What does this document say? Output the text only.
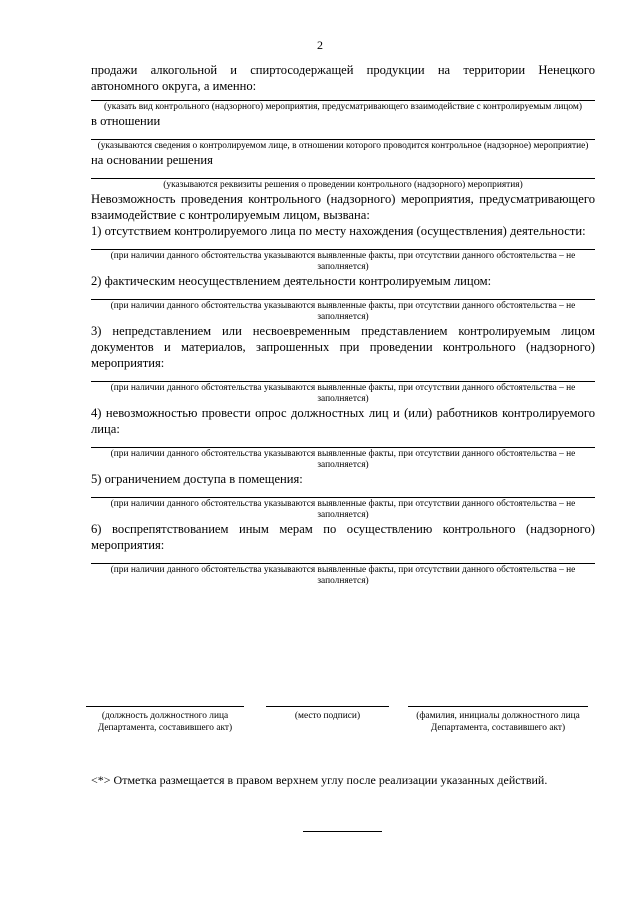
2

продажи алкогольной и спиртосодержащей продукции на территории Ненецкого автономного округа, а именно:

(указать вид контрольного (надзорного) мероприятия, предусматривающего взаимодействие с контролируемым лицом)

в отношении

(указываются сведения о контролируемом лице, в отношении которого проводится контрольное (надзорное) мероприятие)

на основании решения

(указываются реквизиты решения о проведении контрольного (надзорного) мероприятия)

Невозможность проведения контрольного (надзорного) мероприятия, предусматривающего взаимодействие с контролируемым лицом, вызвана:

1) отсутствием контролируемого лица по месту нахождения (осуществления) деятельности:

(при наличии данного обстоятельства указываются выявленные факты, при отсутствии данного обстоятельства – не заполняется)

2) фактическим неосуществлением деятельности контролируемым лицом:

(при наличии данного обстоятельства указываются выявленные факты, при отсутствии данного обстоятельства – не заполняется)

3) непредставлением или несвоевременным представлением контролируемым лицом документов и материалов, запрошенных при проведении контрольного (надзорного) мероприятия:

(при наличии данного обстоятельства указываются выявленные факты, при отсутствии данного обстоятельства – не заполняется)

4) невозможностью провести опрос должностных лиц и (или) работников контролируемого лица:

(при наличии данного обстоятельства указываются выявленные факты, при отсутствии данного обстоятельства – не заполняется)

5) ограничением доступа в помещения:

(при наличии данного обстоятельства указываются выявленные факты, при отсутствии данного обстоятельства – не заполняется)

6) воспрепятствованием иным мерам по осуществлению контрольного (надзорного) мероприятия:

(при наличии данного обстоятельства указываются выявленные факты, при отсутствии данного обстоятельства – не заполняется)

(должность должностного лица Департамента, составившего акт)
(место подписи)	(фамилия, инициалы должностного лица Департамента, составившего акт)
<*> Отметка размещается в правом верхнем углу после реализации указанных действий.
